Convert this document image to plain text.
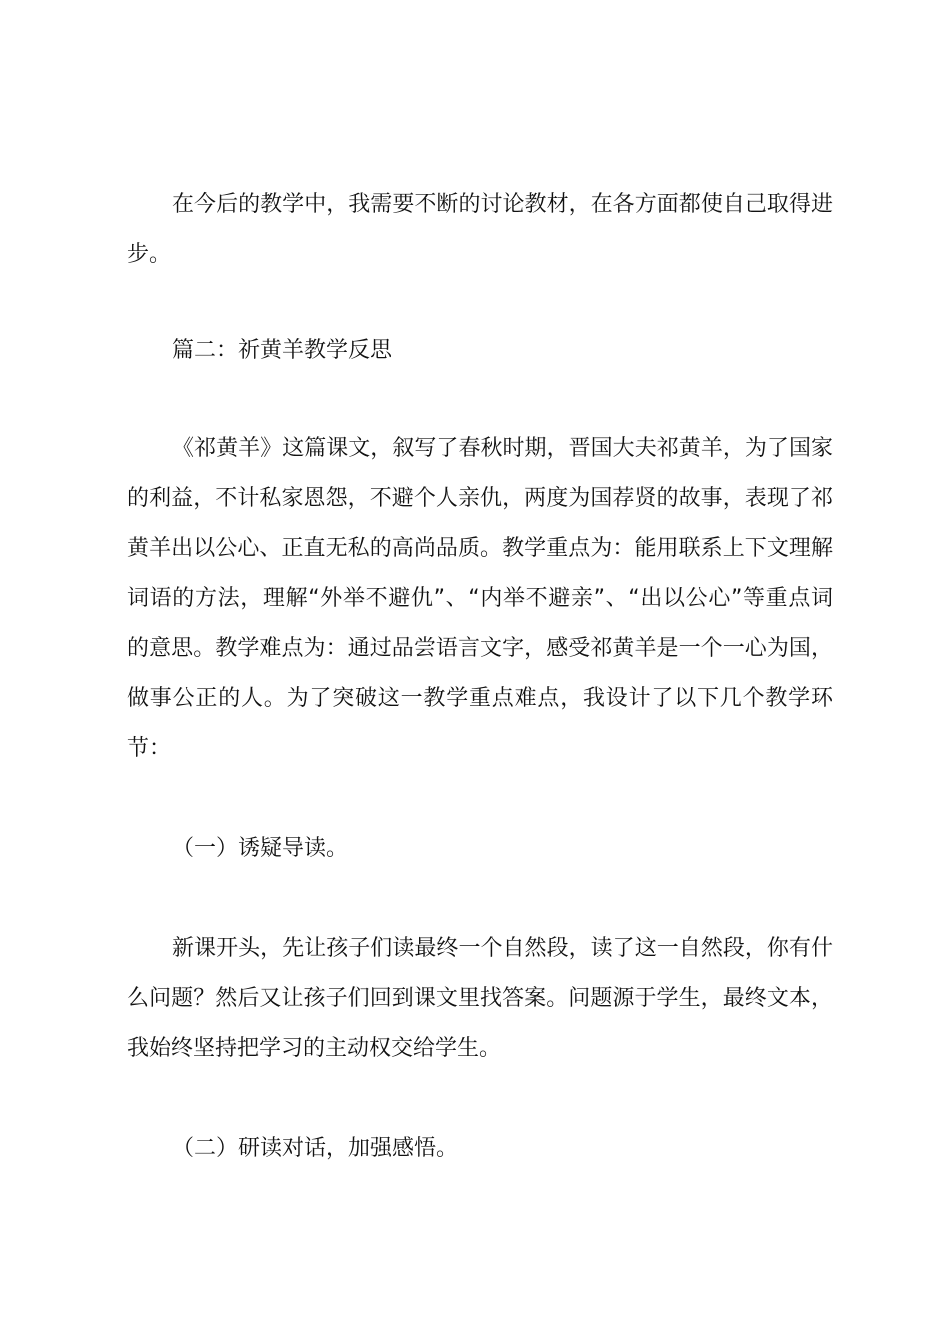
在今后的教学中，我需要不断的讨论教材，在各方面都使自己取得进步。

篇二：祈黄羊教学反思

《祁黄羊》这篇课文，叙写了春秋时期，晋国大夫祁黄羊，为了国家的利益，不计私家恩怨，不避个人亲仇，两度为国荐贤的故事，表现了祁黄羊出以公心、正直无私的高尚品质。教学重点为：能用联系上下文理解词语的方法，理解“外举不避仇”、“内举不避亲”、“出以公心”等重点词的意思。教学难点为：通过品尝语言文字，感受祁黄羊是一个一心为国，做事公正的人。为了突破这一教学重点难点，我设计了以下几个教学环节：

（一）诱疑导读。

新课开头，先让孩子们读最终一个自然段，读了这一自然段，你有什么问题？然后又让孩子们回到课文里找答案。问题源于学生，最终文本，我始终坚持把学习的主动权交给学生。

（二）研读对话，加强感悟。
